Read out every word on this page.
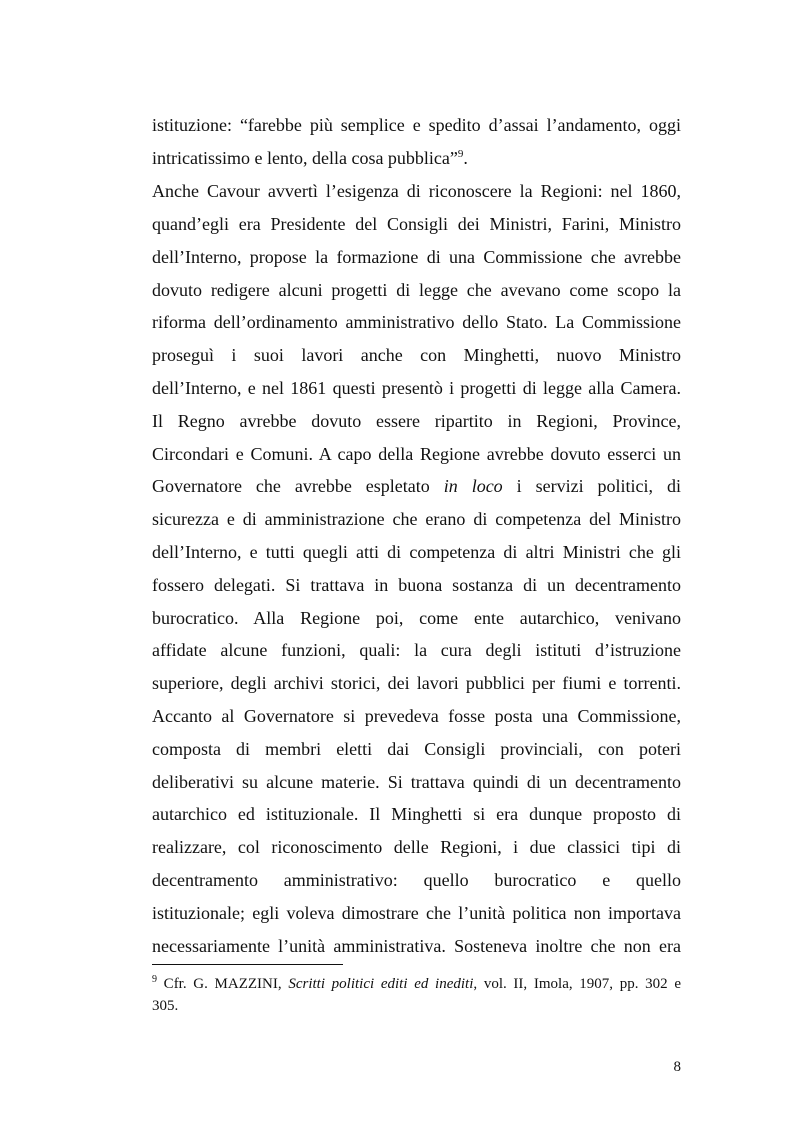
istituzione: “farebbe più semplice e spedito d’assai l’andamento, oggi
intricatissimo e lento, della cosa pubblica”$^9$.
Anche Cavour avvertì l’esigenza di riconoscere la Regioni: nel 1860,
quand’egli era Presidente del Consigli dei Ministri, Farini, Ministro
dell’Interno, propose la formazione di una Commissione che avrebbe
dovuto redigere alcuni progetti di legge che avevano come scopo la
riforma dell’ordinamento amministrativo dello Stato. La Commissione
proseguì i suoi lavori anche con Minghetti, nuovo Ministro
dell’Interno, e nel 1861 questi presentò i progetti di legge alla Camera.
Il Regno avrebbe dovuto essere ripartito in Regioni, Province,
Circondari e Comuni. A capo della Regione avrebbe dovuto esserci un
Governatore che avrebbe espletato in loco i servizi politici, di
sicurezza e di amministrazione che erano di competenza del Ministro
dell’Interno, e tutti quegli atti di competenza di altri Ministri che gli
fossero delegati. Si trattava in buona sostanza di un decentramento
burocratico. Alla Regione poi, come ente autarchico, venivano
affidate alcune funzioni, quali: la cura degli istituti d’istruzione
superiore, degli archivi storici, dei lavori pubblici per fiumi e torrenti.
Accanto al Governatore si prevedeva fosse posta una Commissione,
composta di membri eletti dai Consigli provinciali, con poteri
deliberativi su alcune materie. Si trattava quindi di un decentramento
autarchico ed istituzionale. Il Minghetti si era dunque proposto di
realizzare, col riconoscimento delle Regioni, i due classici tipi di
decentramento amministrativo: quello burocratico e quello
istituzionale; egli voleva dimostrare che l’unità politica non importava
necessariamente l’unità amministrativa. Sosteneva inoltre che non era
$^9$ Cfr. G. MAZZINI, Scritti politici editi ed inediti, vol. II, Imola, 1907, pp. 302 e
305.
8
